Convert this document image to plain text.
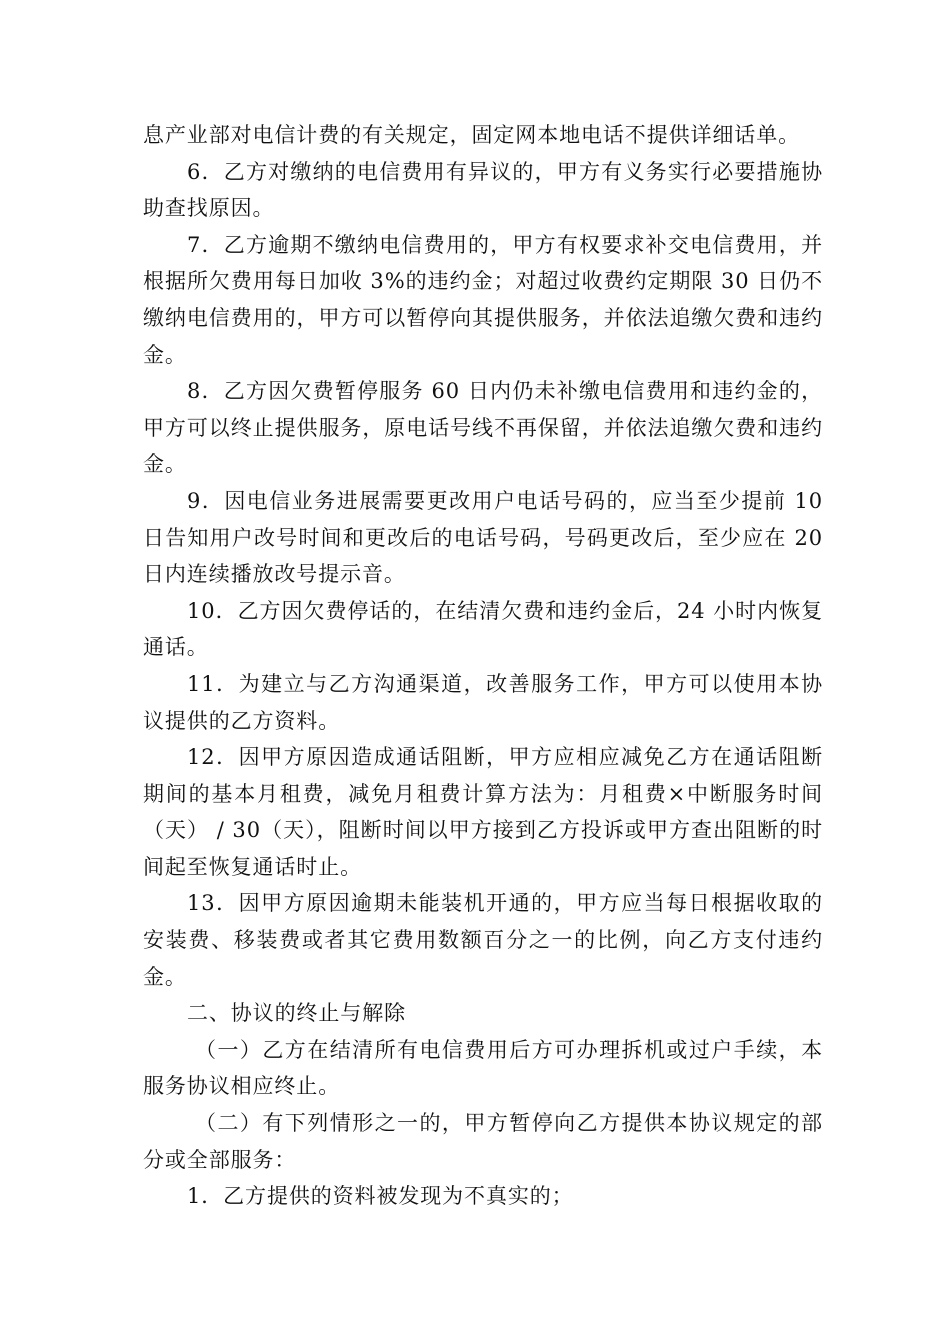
息产业部对电信计费的有关规定，固定网本地电话不提供详细话单。

6．乙方对缴纳的电信费用有异议的，甲方有义务实行必要措施协助查找原因。

7．乙方逾期不缴纳电信费用的，甲方有权要求补交电信费用，并根据所欠费用每日加收 3%的违约金；对超过收费约定期限 30 日仍不缴纳电信费用的，甲方可以暂停向其提供服务，并依法追缴欠费和违约金。

8．乙方因欠费暂停服务 60 日内仍未补缴电信费用和违约金的，甲方可以终止提供服务，原电话号线不再保留，并依法追缴欠费和违约金。

9．因电信业务进展需要更改用户电话号码的，应当至少提前 10 日告知用户改号时间和更改后的电话号码，号码更改后，至少应在 20 日内连续播放改号提示音。

10．乙方因欠费停话的，在结清欠费和违约金后，24 小时内恢复通话。

11．为建立与乙方沟通渠道，改善服务工作，甲方可以使用本协议提供的乙方资料。

12．因甲方原因造成通话阻断，甲方应相应减免乙方在通话阻断期间的基本月租费，减免月租费计算方法为：月租费×中断服务时间（天） / 30（天），阻断时间以甲方接到乙方投诉或甲方查出阻断的时间起至恢复通话时止。

13．因甲方原因逾期未能装机开通的，甲方应当每日根据收取的安装费、移装费或者其它费用数额百分之一的比例，向乙方支付违约金。

二、协议的终止与解除

（一）乙方在结清所有电信费用后方可办理拆机或过户手续，本服务协议相应终止。

（二）有下列情形之一的，甲方暂停向乙方提供本协议规定的部分或全部服务：

1．乙方提供的资料被发现为不真实的；
